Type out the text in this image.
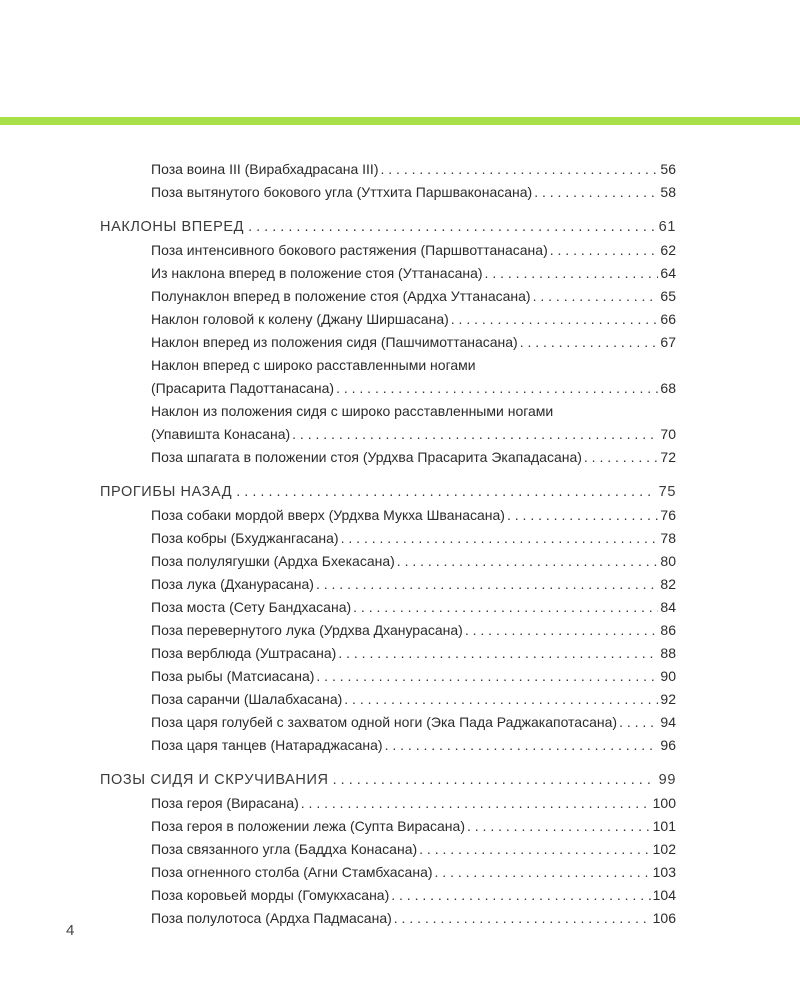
Поза воина III (Вирабхадрасана III) . . .	56
Поза вытянутого бокового угла (Уттхита Паршваконасана) . . .	58
НАКЛОНЫ ВПЕРЕД . . .	61
Поза интенсивного бокового растяжения (Паршвоттанасана) . . .	62
Из наклона вперед в положение стоя (Уттанасана) . . .	64
Полунаклон вперед в положение стоя (Ардха Уттанасана) . . .	65
Наклон головой к колену (Джану Ширшасана) . . .	66
Наклон вперед из положения сидя (Пашчимоттанасана) . . .	67
Наклон вперед с широко расставленными ногами
(Прасарита Падоттанасана) . . .	68
Наклон из положения сидя с широко расставленными ногами
(Упавишта Конасана) . . .	70
Поза шпагата в положении стоя (Урдхва Прасарита Экападасана) . . .	72
ПРОГИБЫ НАЗАД . . .	75
Поза собаки мордой вверх (Урдхва Мукха Шванасана) . . .	76
Поза кобры (Бхуджангасана) . . .	78
Поза полулягушки (Ардха Бхекасана) . . .	80
Поза лука (Дханурасана) . . .	82
Поза моста (Сету Бандхасана) . . .	84
Поза перевернутого лука (Урдхва Дханурасана) . . .	86
Поза верблюда (Уштрасана) . . .	88
Поза рыбы (Матсиасана) . . .	90
Поза саранчи (Шалабхасана) . . .	92
Поза царя голубей с захватом одной ноги (Эка Пада Раджакапотасана) . . .	94
Поза царя танцев (Натараджасана) . . .	96
ПОЗЫ СИДЯ И СКРУЧИВАНИЯ . . .	99
Поза героя (Вирасана) . . .	100
Поза героя в положении лежа (Супта Вирасана) . . .	101
Поза связанного угла (Баддха Конасана) . . .	102
Поза огненного столба (Агни Стамбхасана) . . .	103
Поза коровьей морды (Гомукхасана) . . .	104
Поза полулотоса (Ардха Падмасана) . . .	106
4
